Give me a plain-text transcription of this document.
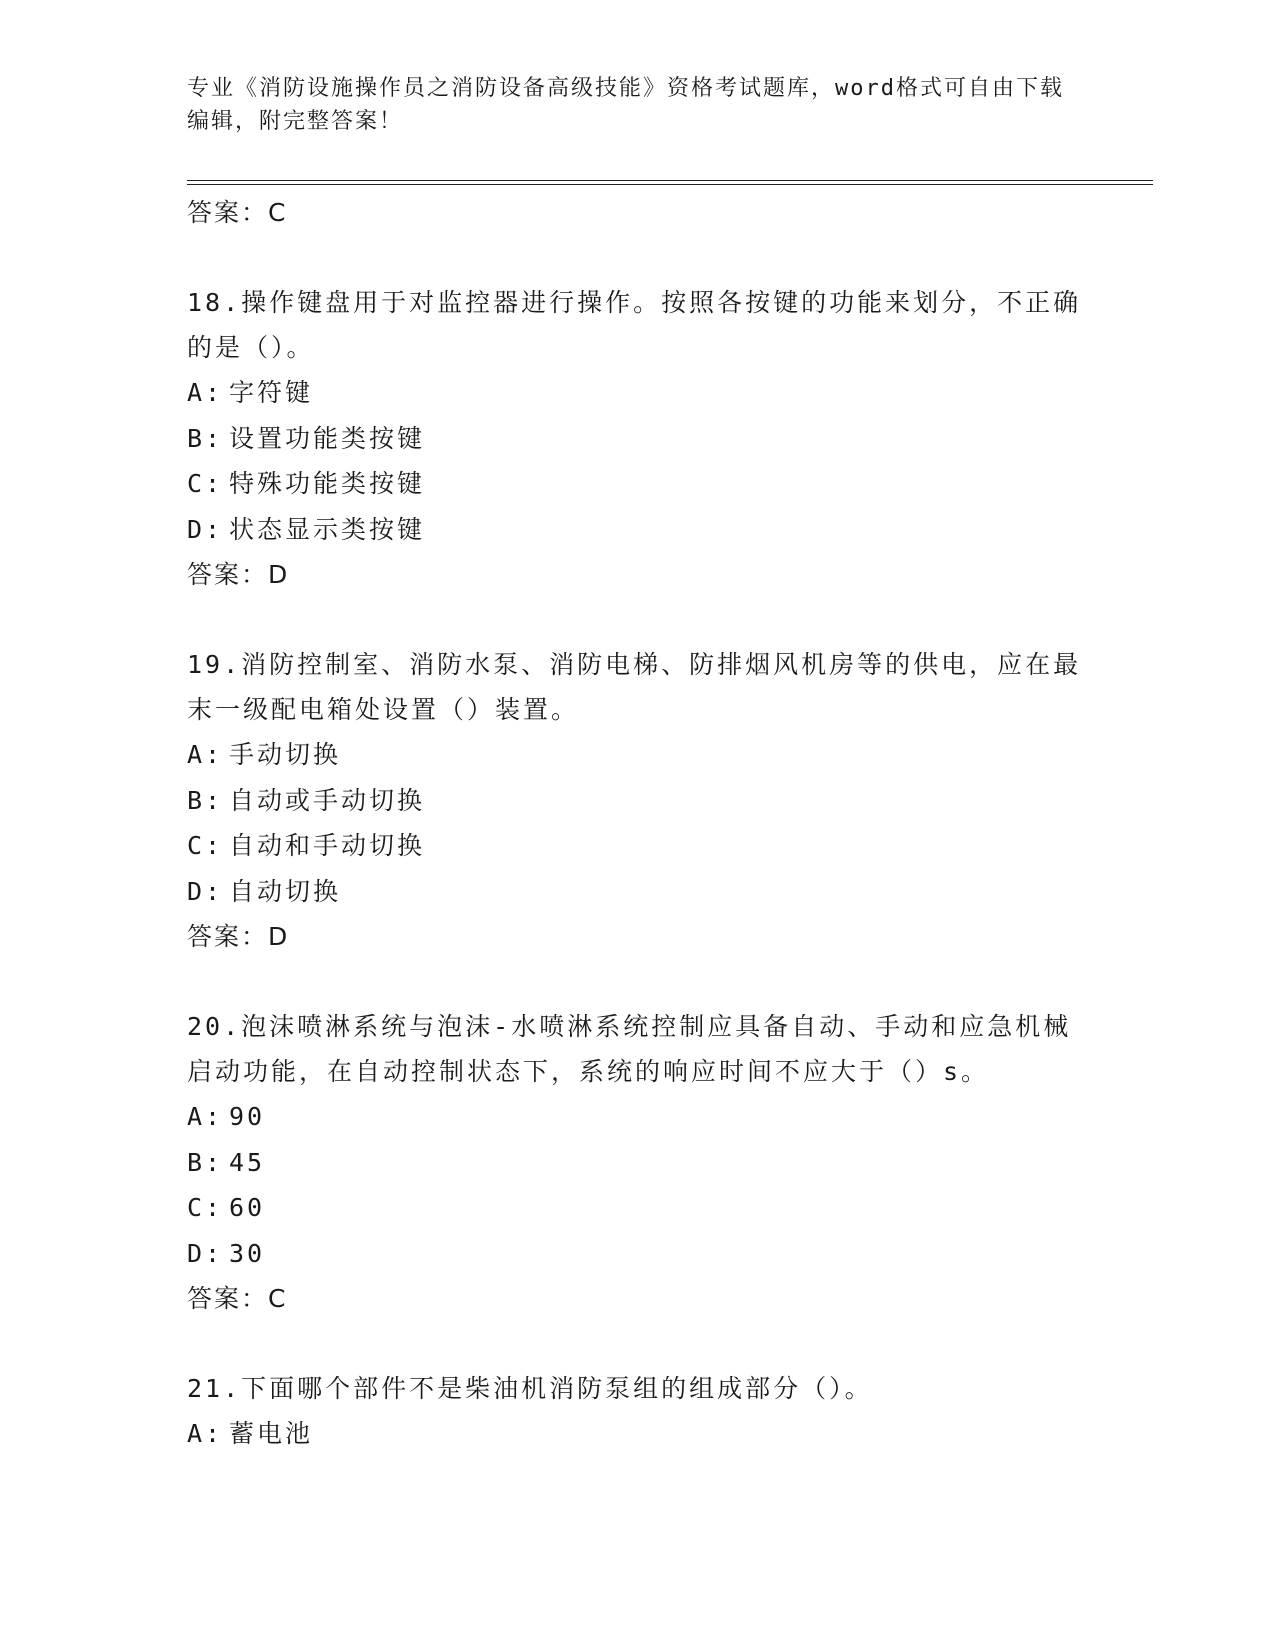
专业《消防设施操作员之消防设备高级技能》资格考试题库，word格式可自由下载编辑，附完整答案！
答案：C
18.操作键盘用于对监控器进行操作。按照各按键的功能来划分，不正确的是（）。
A: 字符键
B: 设置功能类按键
C: 特殊功能类按键
D: 状态显示类按键
答案：D
19.消防控制室、消防水泵、消防电梯、防排烟风机房等的供电，应在最末一级配电箱处设置（）装置。
A: 手动切换
B: 自动或手动切换
C: 自动和手动切换
D: 自动切换
答案：D
20.泡沫喷淋系统与泡沫-水喷淋系统控制应具备自动、手动和应急机械启动功能，在自动控制状态下，系统的响应时间不应大于（）s。
A: 90
B: 45
C: 60
D: 30
答案：C
21.下面哪个部件不是柴油机消防泵组的组成部分（）。
A: 蓄电池
